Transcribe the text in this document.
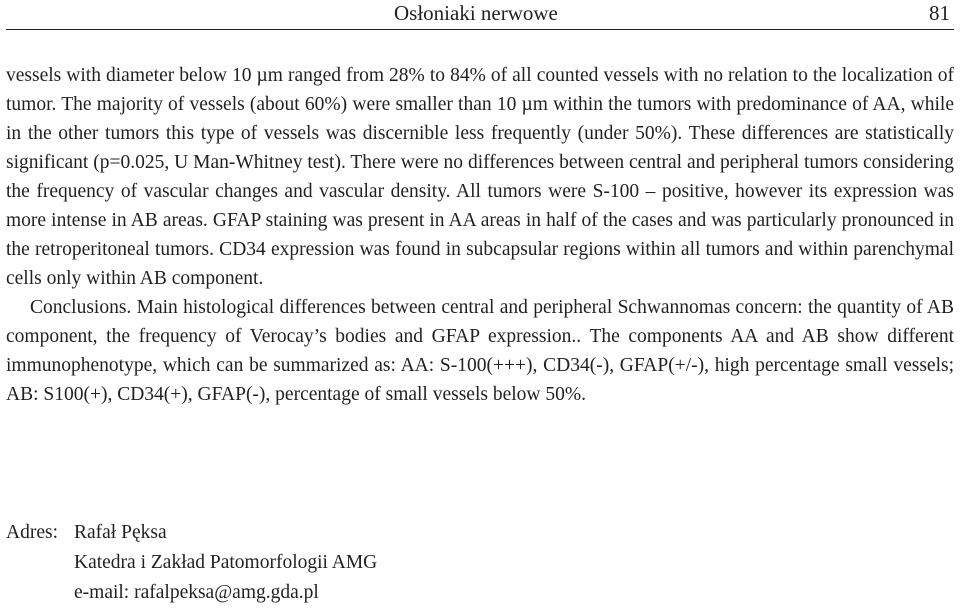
Osłoniaki nerwowe	81

vessels with diameter below 10 µm ranged from 28% to 84% of all counted vessels with no relation to the localization of tumor. The majority of vessels (about 60%) were smaller than 10 µm within the tumors with predominance of AA, while in the other tumors this type of vessels was discernible less frequently (under 50%). These differences are statistically significant (p=0.025, U Man-Whitney test). There were no differences between central and peripheral tumors considering the frequency of vascular changes and vascular density. All tumors were S-100 – positive, however its expression was more intense in AB areas. GFAP staining was present in AA areas in half of the cases and was particularly pronounced in the retroperitoneal tumors. CD34 expression was found in subcapsular regions within all tumors and within parenchymal cells only within AB component.

Conclusions. Main histological differences between central and peripheral Schwannomas concern: the quantity of AB component, the frequency of Verocay’s bodies and GFAP expression.. The components AA and AB show different immunophenotype, which can be summarized as: AA: S-100(+++), CD34(-), GFAP(+/-), high percentage small vessels; AB: S100(+), CD34(+), GFAP(-), percentage of small vessels below 50%.

Adres: Rafał Pęksa
Katedra i Zakład Patomorfologii AMG
e-mail: rafalpeksa@amg.gda.pl
